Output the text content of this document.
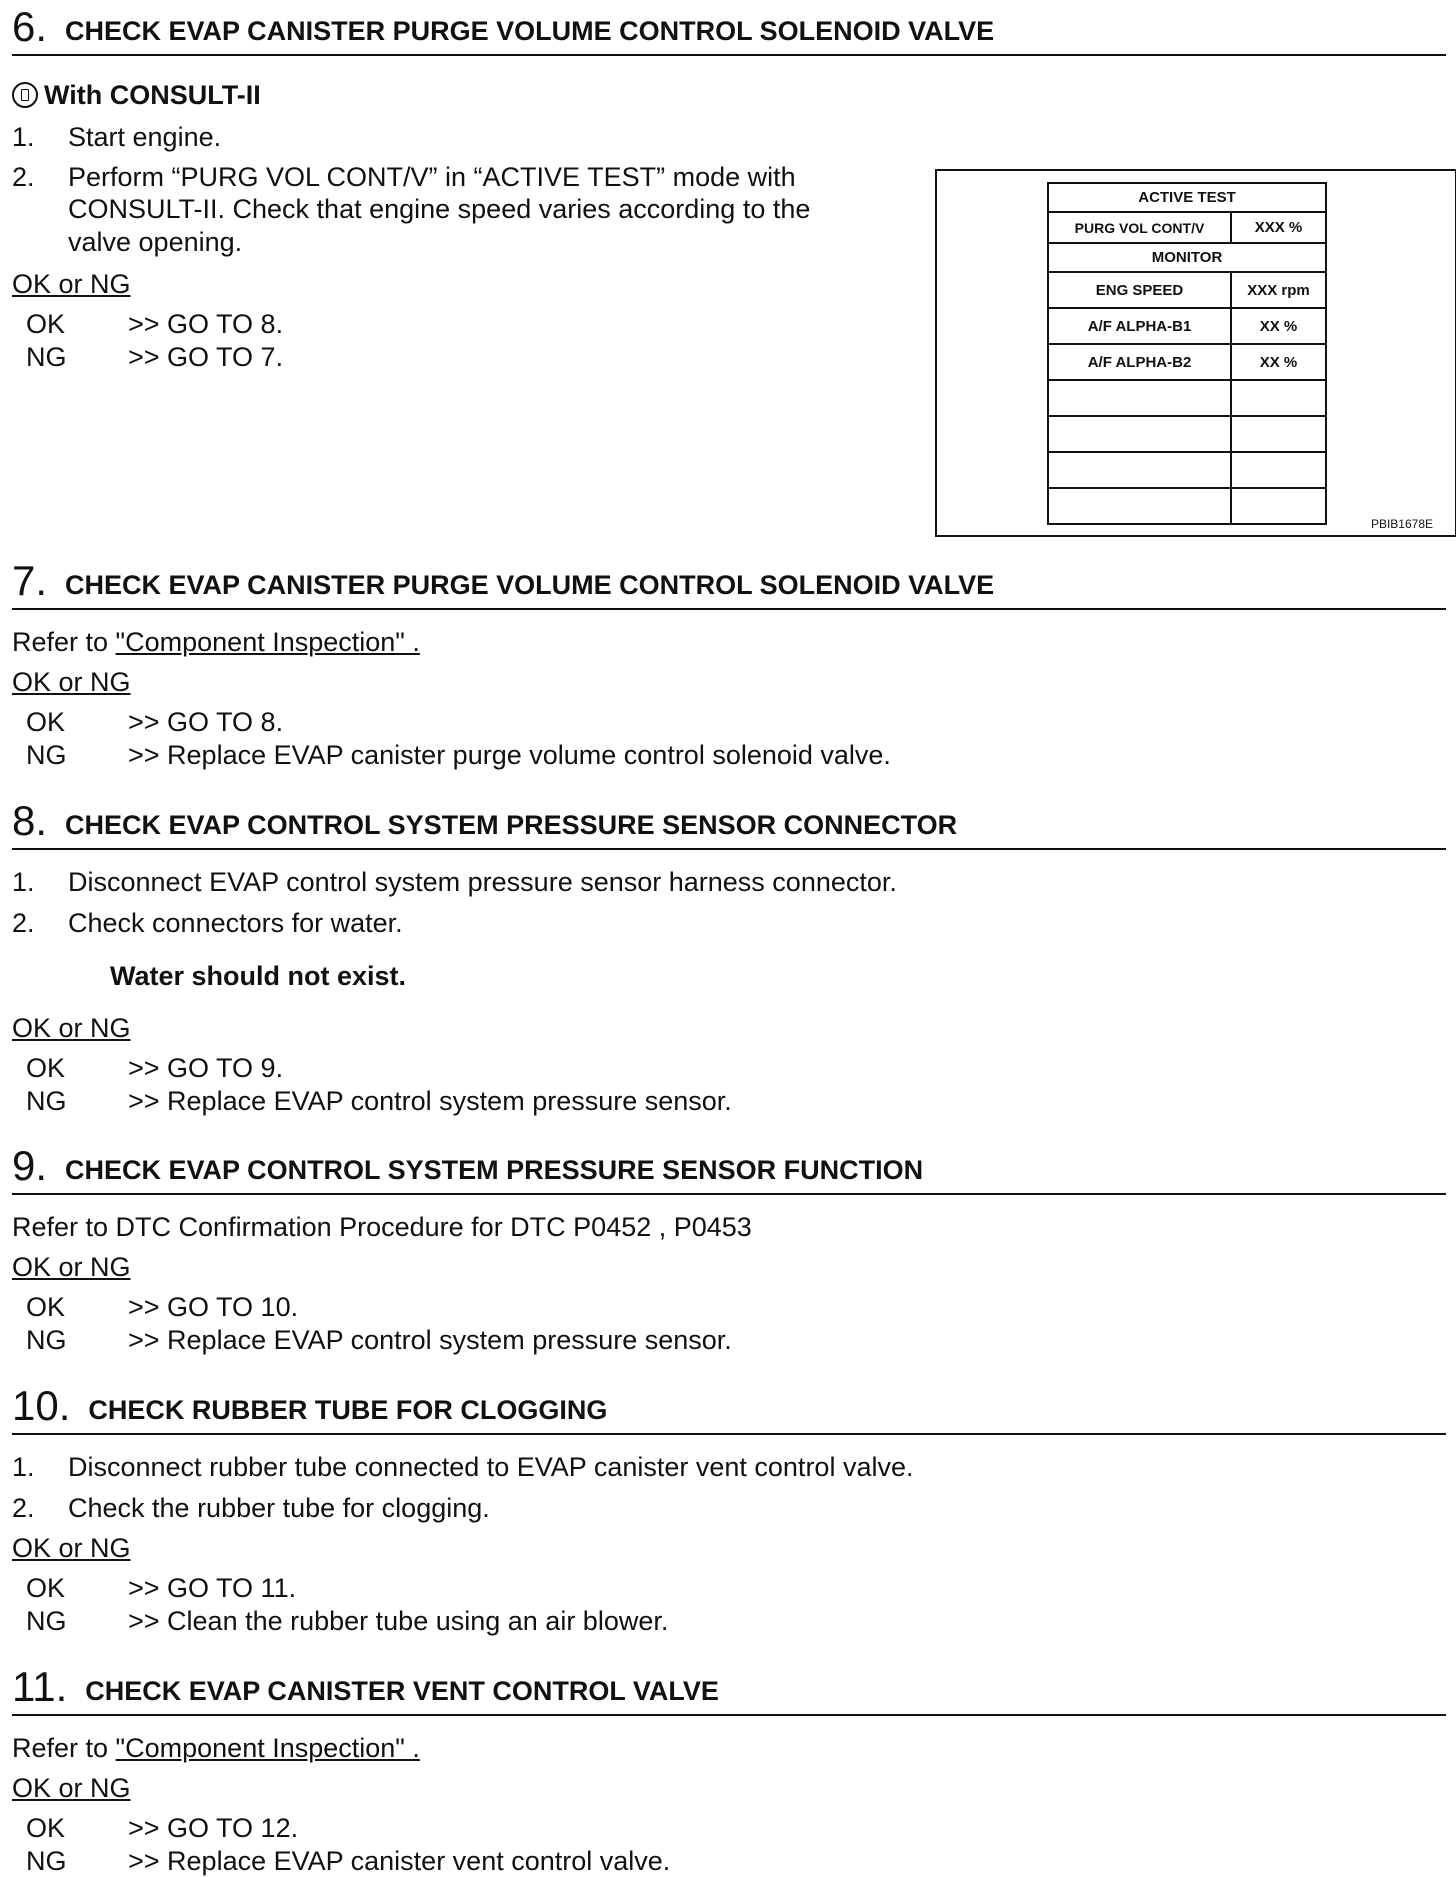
6 . CHECK EVAP CANISTER PURGE VOLUME CONTROL SOLENOID VALVE
With CONSULT-II
1. Start engine.
2. Perform “PURG VOL CONT/V” in “ACTIVE TEST” mode with
CONSULT-II. Check that engine speed varies according to the
valve opening.
OK or NG
OK >> GO TO 8.
NG >> GO TO 7.
ACTIVE TEST	
PURG VOL CONT/V	XXX %
MONITOR	
ENG SPEED	XXX rpm
A/F ALPHA-B1	XX %
A/F ALPHA-B2	XX %

PBIB1678E
7 . CHECK EVAP CANISTER PURGE VOLUME CONTROL SOLENOID VALVE
Refer to "Component Inspection" .
OK or NG
OK >> GO TO 8.
NG >> Replace EVAP canister purge volume control solenoid valve.
8 . CHECK EVAP CONTROL SYSTEM PRESSURE SENSOR CONNECTOR
1. Disconnect EVAP control system pressure sensor harness connector.
2. Check connectors for water.
Water should not exist.
OK or NG
OK >> GO TO 9.
NG >> Replace EVAP control system pressure sensor.
9 . CHECK EVAP CONTROL SYSTEM PRESSURE SENSOR FUNCTION
Refer to DTC Confirmation Procedure for DTC P0452 , P0453
OK or NG
OK >> GO TO 10.
NG >> Replace EVAP control system pressure sensor.
10 . CHECK RUBBER TUBE FOR CLOGGING
1. Disconnect rubber tube connected to EVAP canister vent control valve.
2. Check the rubber tube for clogging.
OK or NG
OK >> GO TO 11.
NG >> Clean the rubber tube using an air blower.
11 . CHECK EVAP CANISTER VENT CONTROL VALVE
Refer to "Component Inspection" .
OK or NG
OK >> GO TO 12.
NG >> Replace EVAP canister vent control valve.
